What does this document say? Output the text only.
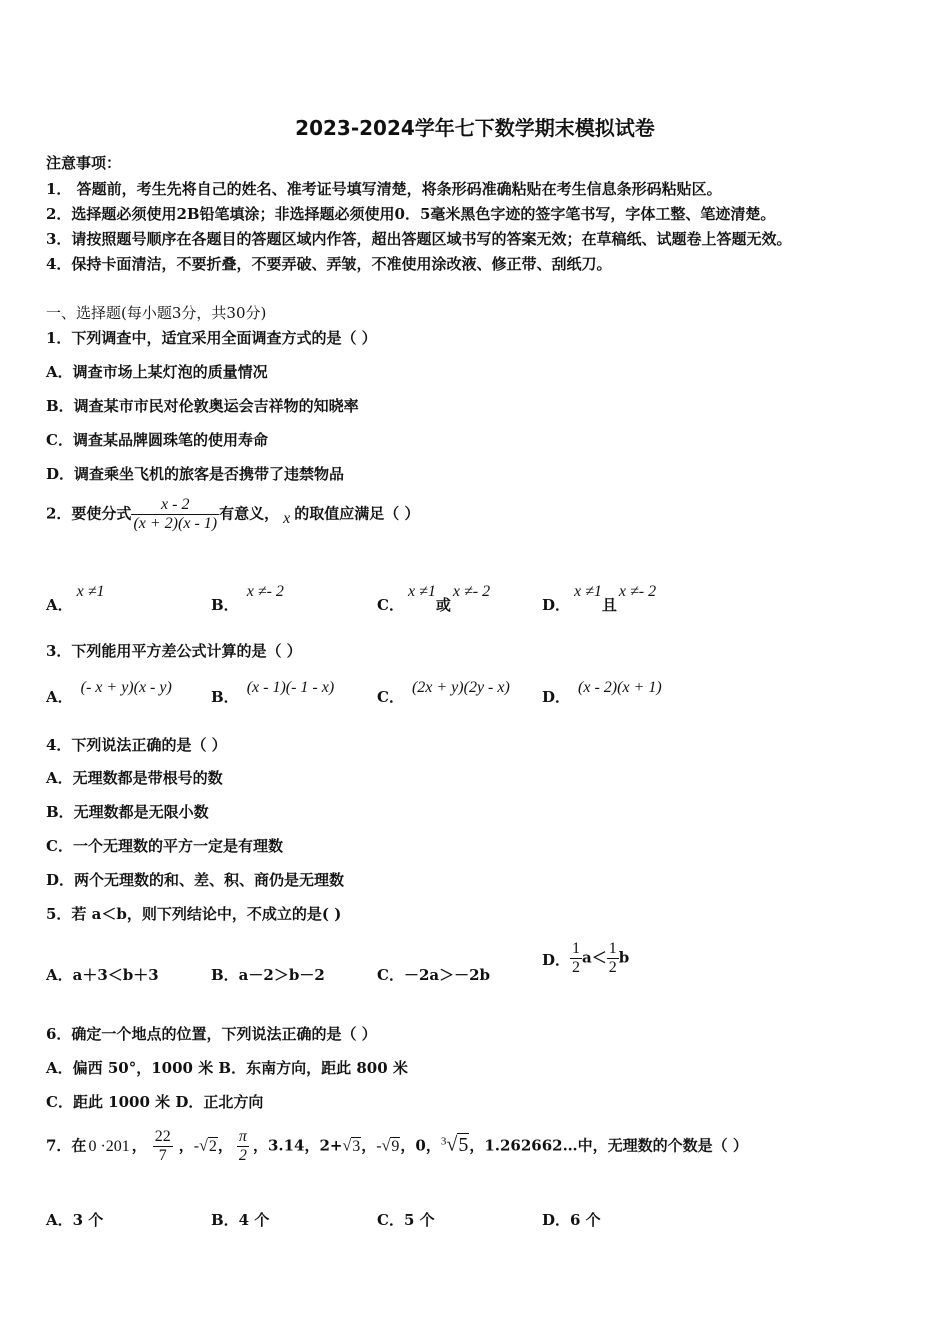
2023-2024学年七下数学期末模拟试卷
注意事项：
1． 答题前，考生先将自己的姓名、准考证号填写清楚，将条形码准确粘贴在考生信息条形码粘贴区。
2．选择题必须使用2B铅笔填涂；非选择题必须使用0．5毫米黑色字迹的签字笔书写，字体工整、笔迹清楚。
3．请按照题号顺序在各题目的答题区域内作答，超出答题区域书写的答案无效；在草稿纸、试题卷上答题无效。
4．保持卡面清洁，不要折叠，不要弄破、弄皱，不准使用涂改液、修正带、刮纸刀。
一、选择题(每小题3分，共30分)
1．下列调查中，适宜采用全面调查方式的是（ ）
A．调查市场上某灯泡的质量情况
B．调查某市市民对伦敦奥运会吉祥物的知晓率
C．调查某品牌圆珠笔的使用寿命
D．调查乘坐飞机的旅客是否携带了违禁物品
2．要使分式 $\frac{x - 2}{(x + 2)(x - 1)}$ 有意义， x 的取值应满足（ ）
A．x ≠1
B．x ≠- 2
C．x ≠1或x ≠- 2
D．x ≠1且x ≠- 2
3．下列能用平方差公式计算的是（ ）
A．(- x + y)(x - y)
B．(x - 1)(- 1 - x)
C．(2x + y)(2y - x)
D．(x - 2)(x + 1)
4．下列说法正确的是（ ）
A．无理数都是带根号的数
B．无理数都是无限小数
C．一个无理数的平方一定是有理数
D．两个无理数的和、差、积、商仍是无理数
5．若 a＜b，则下列结论中，不成立的是( )
A．a＋3＜b＋3	B．a－2＞b－2	C．－2a＞－2b
D． $\frac{1}{2} a< \frac{1}{2}$ b
6．确定一个地点的位置，下列说法正确的是（ ）
A．偏西 50°，1000 米 B．东南方向，距此 800 米
C．距此 1000 米 D．正北方向
7．在 0 ·201 ， $\frac{22}{7}$ ，-√2， $\frac{\pi}{2}$ ，3.14，2+√3，-√9，0，$^3$√5，1.262662…中，无理数的个数是（ ）
A．3 个	B．4 个	C．5 个	D．6 个
